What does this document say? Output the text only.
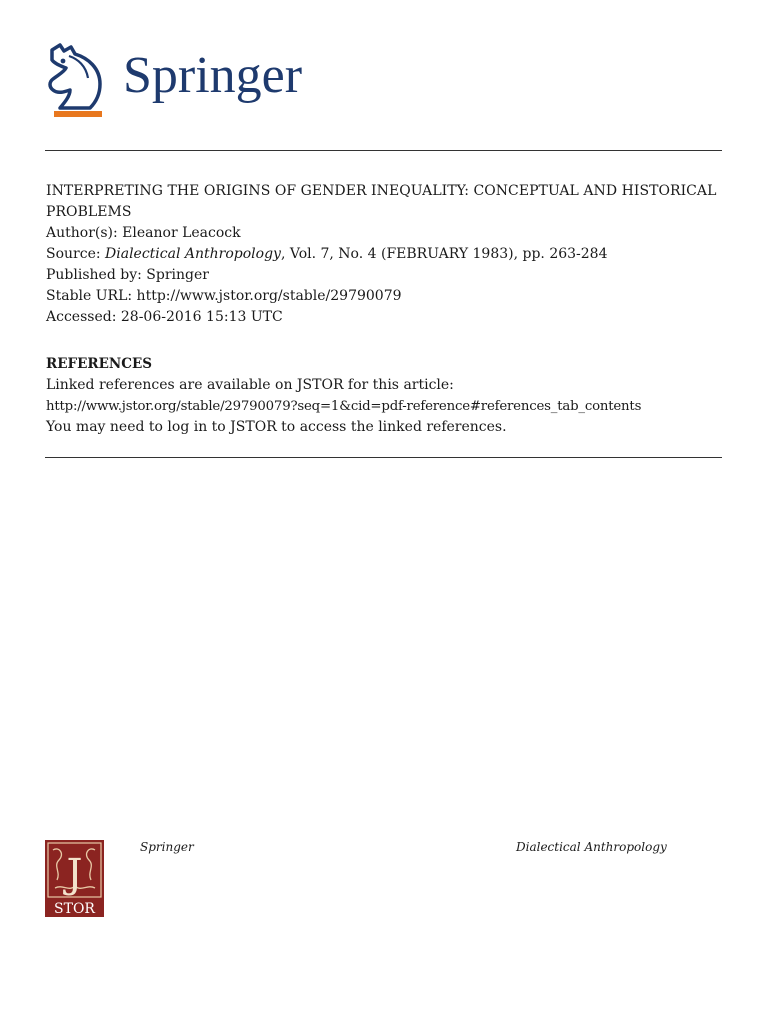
Springer

INTERPRETING THE ORIGINS OF GENDER INEQUALITY: CONCEPTUAL AND HISTORICAL
PROBLEMS

Author(s): Eleanor Leacock

Source: Dialectical Anthropology, Vol. 7, No. 4 (FEBRUARY 1983), pp. 263-284

Published by: Springer

Stable URL: http://www.jstor.org/stable/29790079

Accessed: 28-06-2016 15:13 UTC

REFERENCES

Linked references are available on JSTOR for this article:

http://www.jstor.org/stable/29790079?seq=1&cid=pdf-reference#references_tab_contents

You may need to log in to JSTOR to access the linked references.

J
STOR
Springer	Dialectical Anthropology
